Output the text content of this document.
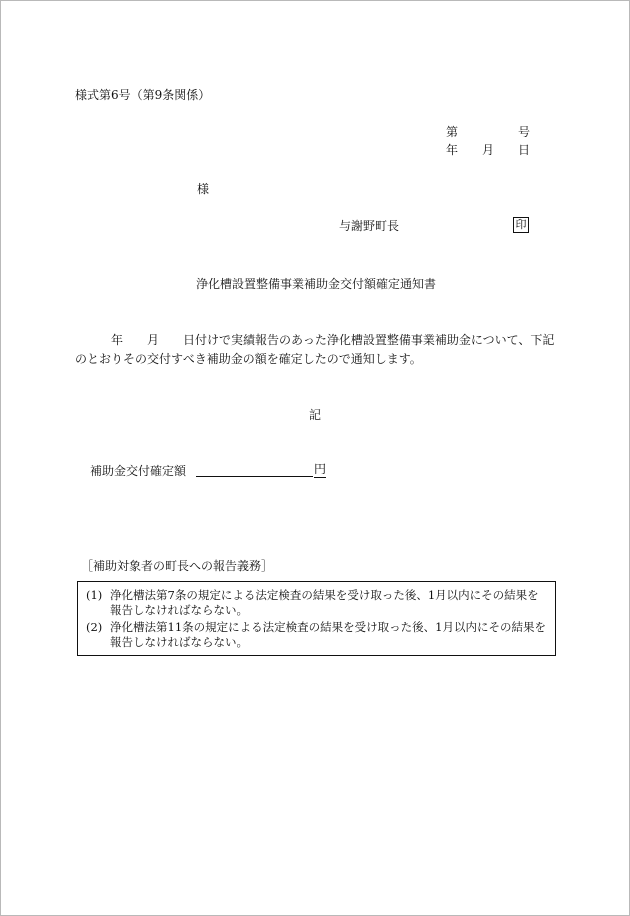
様式第6号（第9条関係）
第	号
年 月 日
様
与謝野町長	印
浄化槽設置整備事業補助金交付額確定通知書
年 月 日付けで実績報告のあった浄化槽設置整備事業補助金について、下記
のとおりその交付すべき補助金の額を確定したので通知します。
記
補助金交付確定額	円
［補助対象者の町長への報告義務］
(1) 浄化槽法第7条の規定による法定検査の結果を受け取った後、1月以内にその結果を
報告しなければならない。
(2) 浄化槽法第11条の規定による法定検査の結果を受け取った後、1月以内にその結果を
報告しなければならない。
